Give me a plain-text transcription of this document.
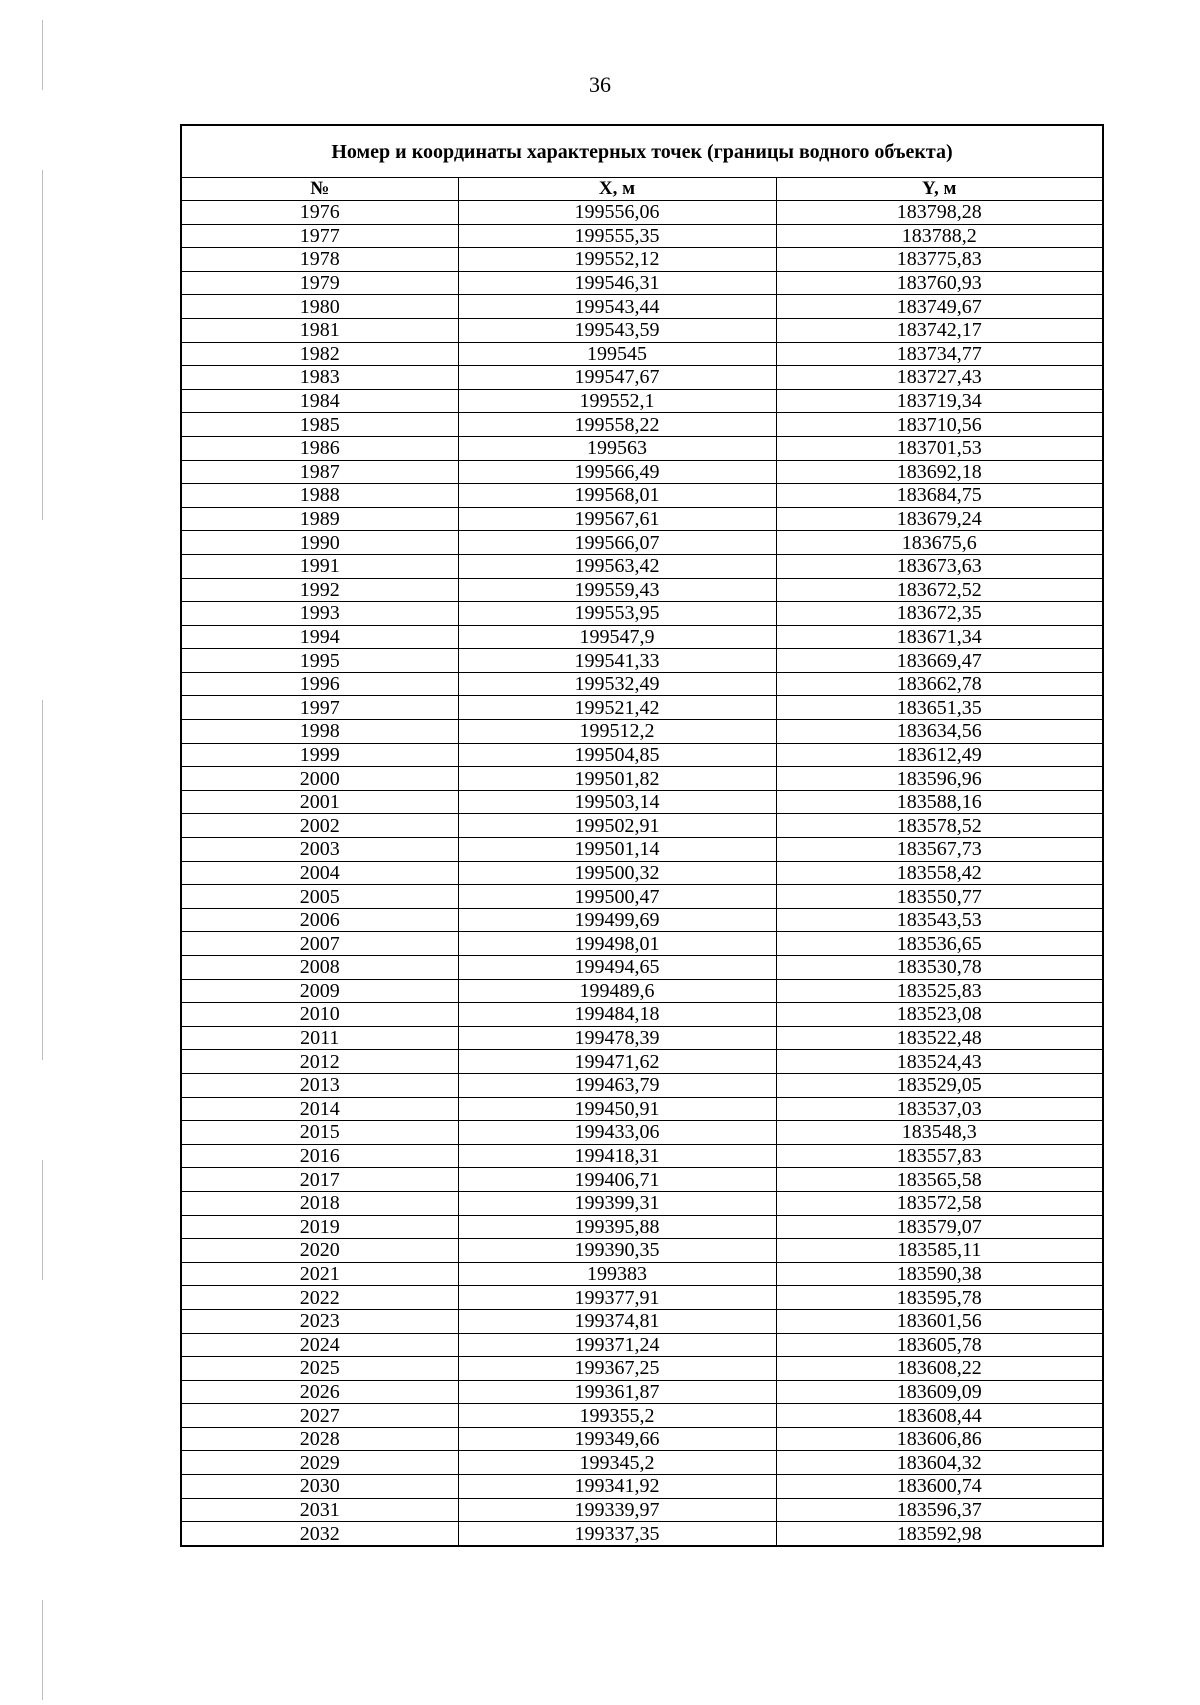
36
Номер и координаты характерных точек (границы водного объекта)		
№	X, м	Y, м
1976	199556,06	183798,28
1977	199555,35	183788,2
1978	199552,12	183775,83
1979	199546,31	183760,93
1980	199543,44	183749,67
1981	199543,59	183742,17
1982	199545	183734,77
1983	199547,67	183727,43
1984	199552,1	183719,34
1985	199558,22	183710,56
1986	199563	183701,53
1987	199566,49	183692,18
1988	199568,01	183684,75
1989	199567,61	183679,24
1990	199566,07	183675,6
1991	199563,42	183673,63
1992	199559,43	183672,52
1993	199553,95	183672,35
1994	199547,9	183671,34
1995	199541,33	183669,47
1996	199532,49	183662,78
1997	199521,42	183651,35
1998	199512,2	183634,56
1999	199504,85	183612,49
2000	199501,82	183596,96
2001	199503,14	183588,16
2002	199502,91	183578,52
2003	199501,14	183567,73
2004	199500,32	183558,42
2005	199500,47	183550,77
2006	199499,69	183543,53
2007	199498,01	183536,65
2008	199494,65	183530,78
2009	199489,6	183525,83
2010	199484,18	183523,08
2011	199478,39	183522,48
2012	199471,62	183524,43
2013	199463,79	183529,05
2014	199450,91	183537,03
2015	199433,06	183548,3
2016	199418,31	183557,83
2017	199406,71	183565,58
2018	199399,31	183572,58
2019	199395,88	183579,07
2020	199390,35	183585,11
2021	199383	183590,38
2022	199377,91	183595,78
2023	199374,81	183601,56
2024	199371,24	183605,78
2025	199367,25	183608,22
2026	199361,87	183609,09
2027	199355,2	183608,44
2028	199349,66	183606,86
2029	199345,2	183604,32
2030	199341,92	183600,74
2031	199339,97	183596,37
2032	199337,35	183592,98
